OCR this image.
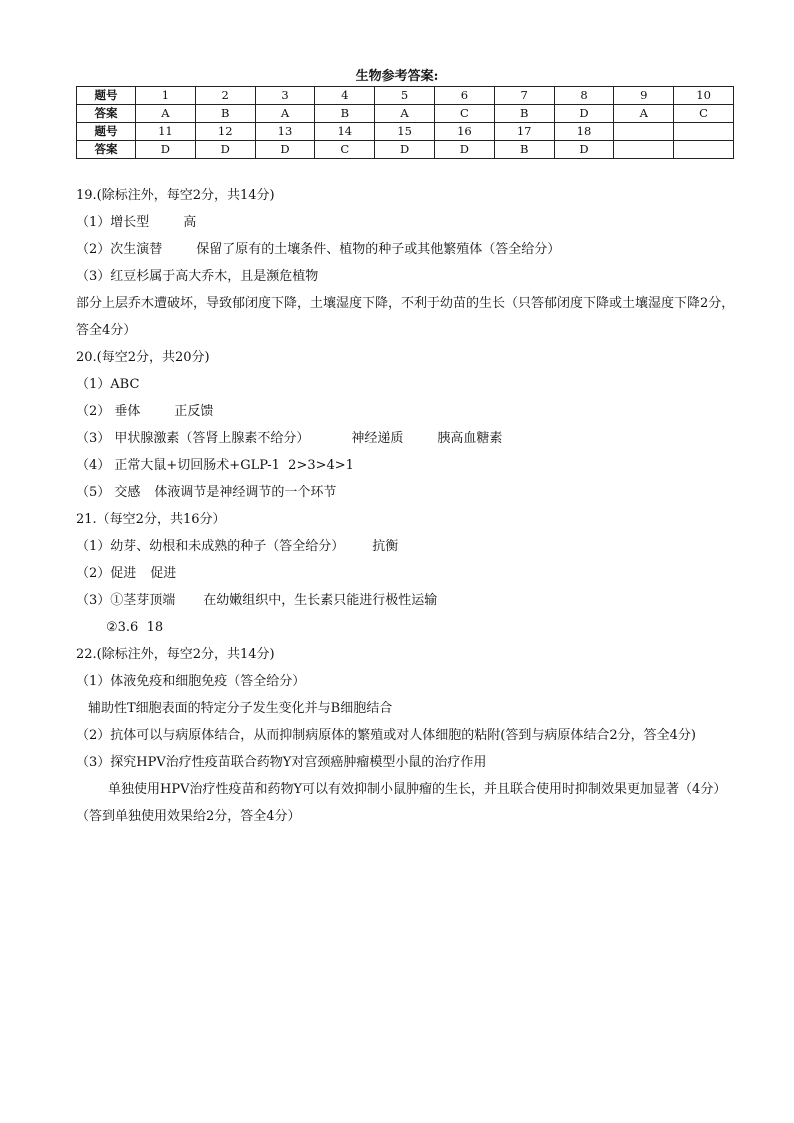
生物参考答案:
题号	1	2	3	4	5	6	7	8	9	10
答案	A	B	A	B	A	C	B	D	A	C
题号	11	12	13	14	15	16	17	18		
答案	D	D	D	C	D	D	B	D		
19.(除标注外，每空2分，共14分)
（1）增长型	高
（2）次生演替	保留了原有的土壤条件、植物的种子或其他繁殖体（答全给分）
（3）红豆杉属于高大乔木，且是濒危植物
部分上层乔木遭破坏，导致郁闭度下降，土壤湿度下降，不利于幼苗的生长（只答郁闭度下降或土壤湿度下降2分，答全4分）
20.(每空2分，共20分)
（1）ABC
（2） 垂体	正反馈
（3） 甲状腺激素（答肾上腺素不给分）	神经递质	胰高血糖素
（4） 正常大鼠+切回肠术+GLP-1 2>3>4>1
（5） 交感 体液调节是神经调节的一个环节
21.（每空2分，共16分）
（1）幼芽、幼根和未成熟的种子（答全给分） 抗衡
（2）促进 促进
（3）①茎芽顶端 在幼嫩组织中，生长素只能进行极性运输
②3.6 18
22.(除标注外，每空2分，共14分)
（1）体液免疫和细胞免疫（答全给分）
辅助性T细胞表面的特定分子发生变化并与B细胞结合
（2）抗体可以与病原体结合，从而抑制病原体的繁殖或对人体细胞的粘附(答到与病原体结合2分，答全4分)
（3）探究HPV治疗性疫苗联合药物Y对宫颈癌肿瘤模型小鼠的治疗作用
单独使用HPV治疗性疫苗和药物Y可以有效抑制小鼠肿瘤的生长，并且联合使用时抑制效果更加显著（4分）（答到单独使用效果给2分，答全4分）
